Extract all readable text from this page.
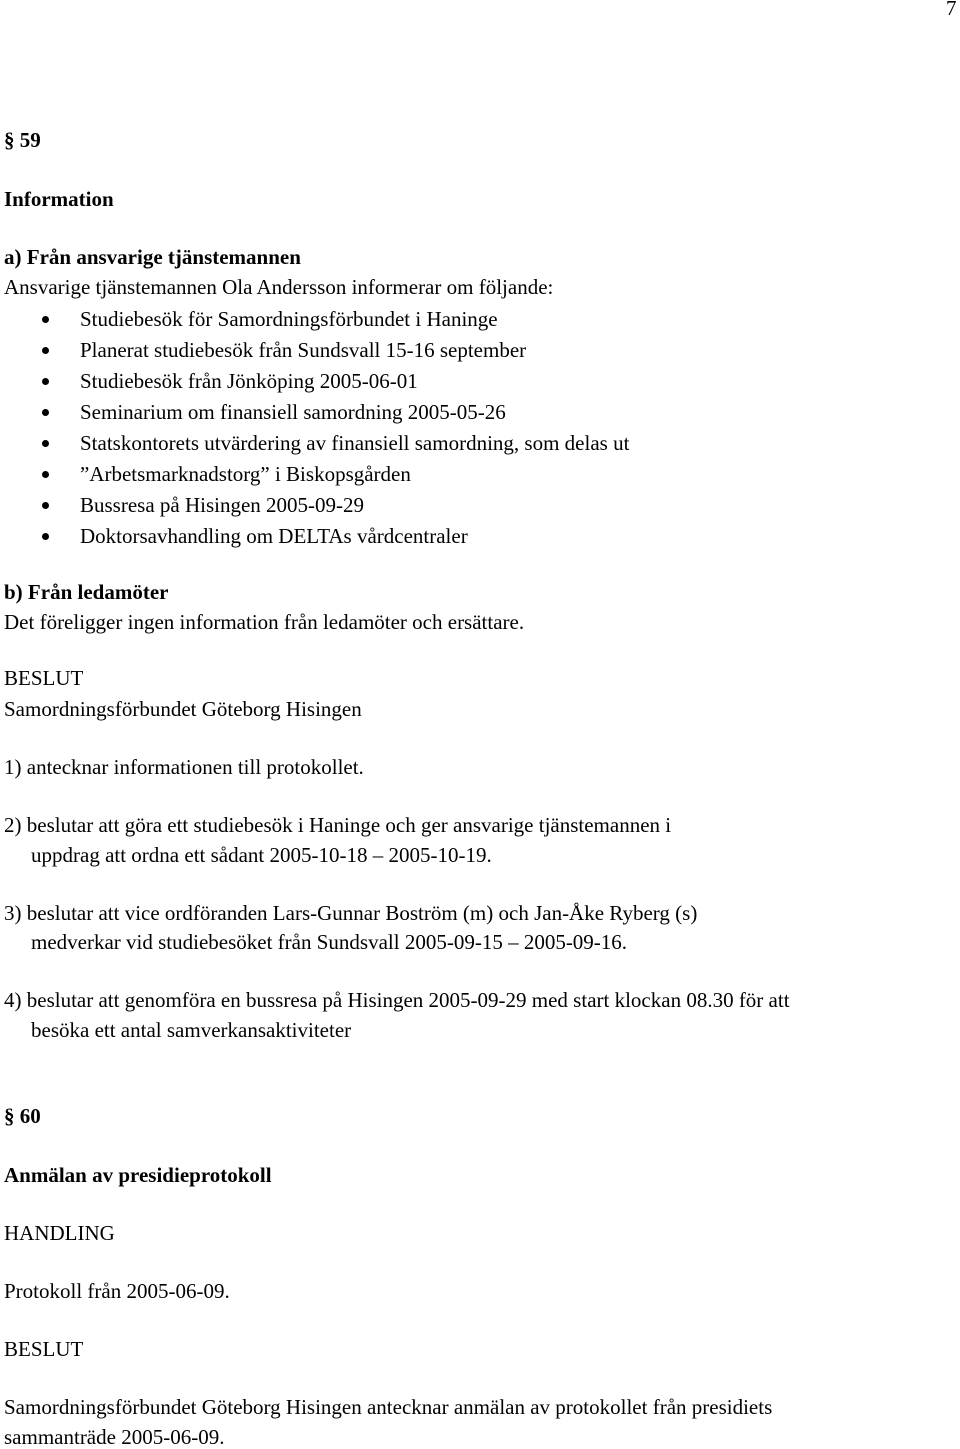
7
§ 59
Information
a) Från ansvarige tjänstemannen
Ansvarige tjänstemannen Ola Andersson informerar om följande:
Studiebesök för Samordningsförbundet i Haninge
Planerat studiebesök från Sundsvall 15-16 september
Studiebesök från Jönköping 2005-06-01
Seminarium om finansiell samordning 2005-05-26
Statskontorets utvärdering av finansiell samordning, som delas ut
”Arbetsmarknadstorg” i Biskopsgården
Bussresa på Hisingen 2005-09-29
Doktorsavhandling om DELTAs vårdcentraler
b) Från ledamöter
Det föreligger ingen information från ledamöter och ersättare.
BESLUT
Samordningsförbundet Göteborg Hisingen
1) antecknar informationen till protokollet.
2) beslutar att göra ett studiebesök i Haninge och ger ansvarige tjänstemannen i
uppdrag att ordna ett sådant 2005-10-18 – 2005-10-19.
3) beslutar att vice ordföranden Lars-Gunnar Boström (m) och Jan-Åke Ryberg (s)
medverkar vid studiebesöket från Sundsvall 2005-09-15 – 2005-09-16.
4) beslutar att genomföra en bussresa på Hisingen 2005-09-29 med start klockan 08.30 för att
besöka ett antal samverkansaktiviteter
§ 60
Anmälan av presidieprotokoll
HANDLING
Protokoll från 2005-06-09.
BESLUT
Samordningsförbundet Göteborg Hisingen antecknar anmälan av protokollet från presidiets
sammanträde 2005-06-09.
